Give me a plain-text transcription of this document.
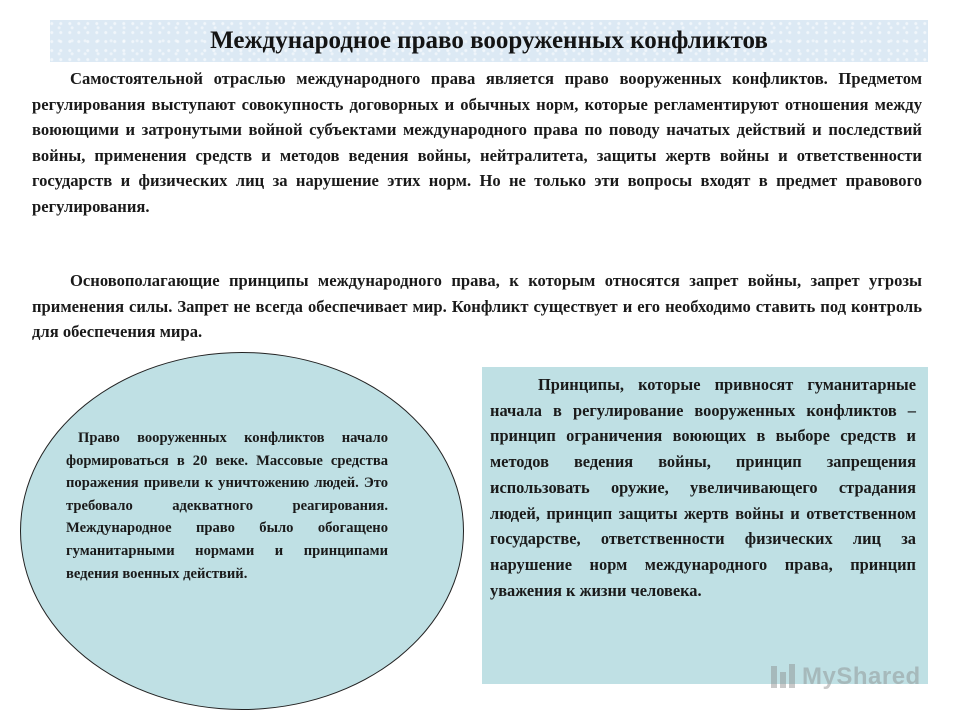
Международное право вооруженных конфликтов

Самостоятельной отраслью международного права является право вооруженных конфликтов. Предметом регулирования выступают совокупность договорных и обычных норм, которые регламентируют отношения между воюющими и затронутыми войной субъектами международного права по поводу начатых действий и последствий войны, применения средств и методов ведения войны, нейтралитета, защиты жертв войны и ответственности государств и физических лиц за нарушение этих норм. Но не только эти вопросы входят в предмет правового регулирования.

Основополагающие принципы международного права, к которым относятся запрет войны, запрет угрозы применения силы. Запрет не всегда обеспечивает мир. Конфликт существует и его необходимо ставить под контроль для обеспечения мира.

Право вооруженных конфликтов начало формироваться в 20 веке. Массовые средства поражения привели к уничтожению людей. Это требовало адекватного реагирования. Международное право было обогащено гуманитарными нормами и принципами ведения военных действий.

Принципы, которые привносят гуманитарные начала в регулирование вооруженных конфликтов – принцип ограничения воюющих в выборе средств и методов ведения войны, принцип запрещения использовать оружие, увеличивающего страдания людей, принцип защиты жертв войны и ответственном государстве, ответственности физических лиц за нарушение норм международного права, принцип уважения к жизни человека.

MyShared
